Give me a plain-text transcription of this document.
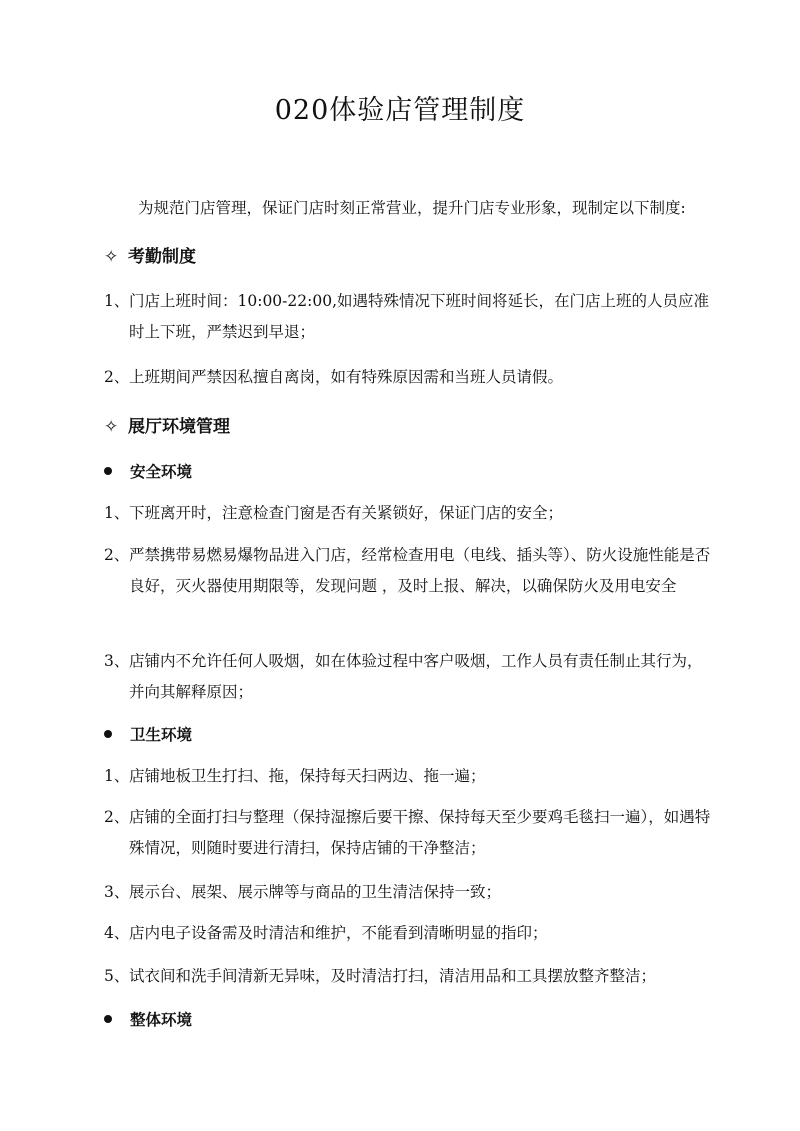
020体验店管理制度
为规范门店管理，保证门店时刻正常营业，提升门店专业形象，现制定以下制度:
✧ 考勤制度
1、 门店上班时间：10:00-22:00,如遇特殊情况下班时间将延长，在门店上班的人员应准时上下班，严禁迟到早退；
2、 上班期间严禁因私擅自离岗，如有特殊原因需和当班人员请假。
✧ 展厅环境管理
安全环境
1、 下班离开时，注意检查门窗是否有关紧锁好，保证门店的安全；
2、 严禁携带易燃易爆物品进入门店，经常检查用电（电线、插头等）、防火设施性能是否良好，灭火器使用期限等，发现问题 ，及时上报、解决，以确保防火及用电安全
3、 店铺内不允许任何人吸烟，如在体验过程中客户吸烟，工作人员有责任制止其行为，并向其解释原因；
卫生环境
1、 店铺地板卫生打扫、拖，保持每天扫两边、拖一遍；
2、 店铺的全面打扫与整理（保持湿擦后要干擦、保持每天至少要鸡毛毯扫一遍），如遇特殊情况，则随时要进行清扫，保持店铺的干净整洁；
3、 展示台、展架、展示牌等与商品的卫生清洁保持一致；
4、 店内电子设备需及时清洁和维护，不能看到清晰明显的指印；
5、 试衣间和洗手间清新无异味，及时清洁打扫，清洁用品和工具摆放整齐整洁；
整体环境
